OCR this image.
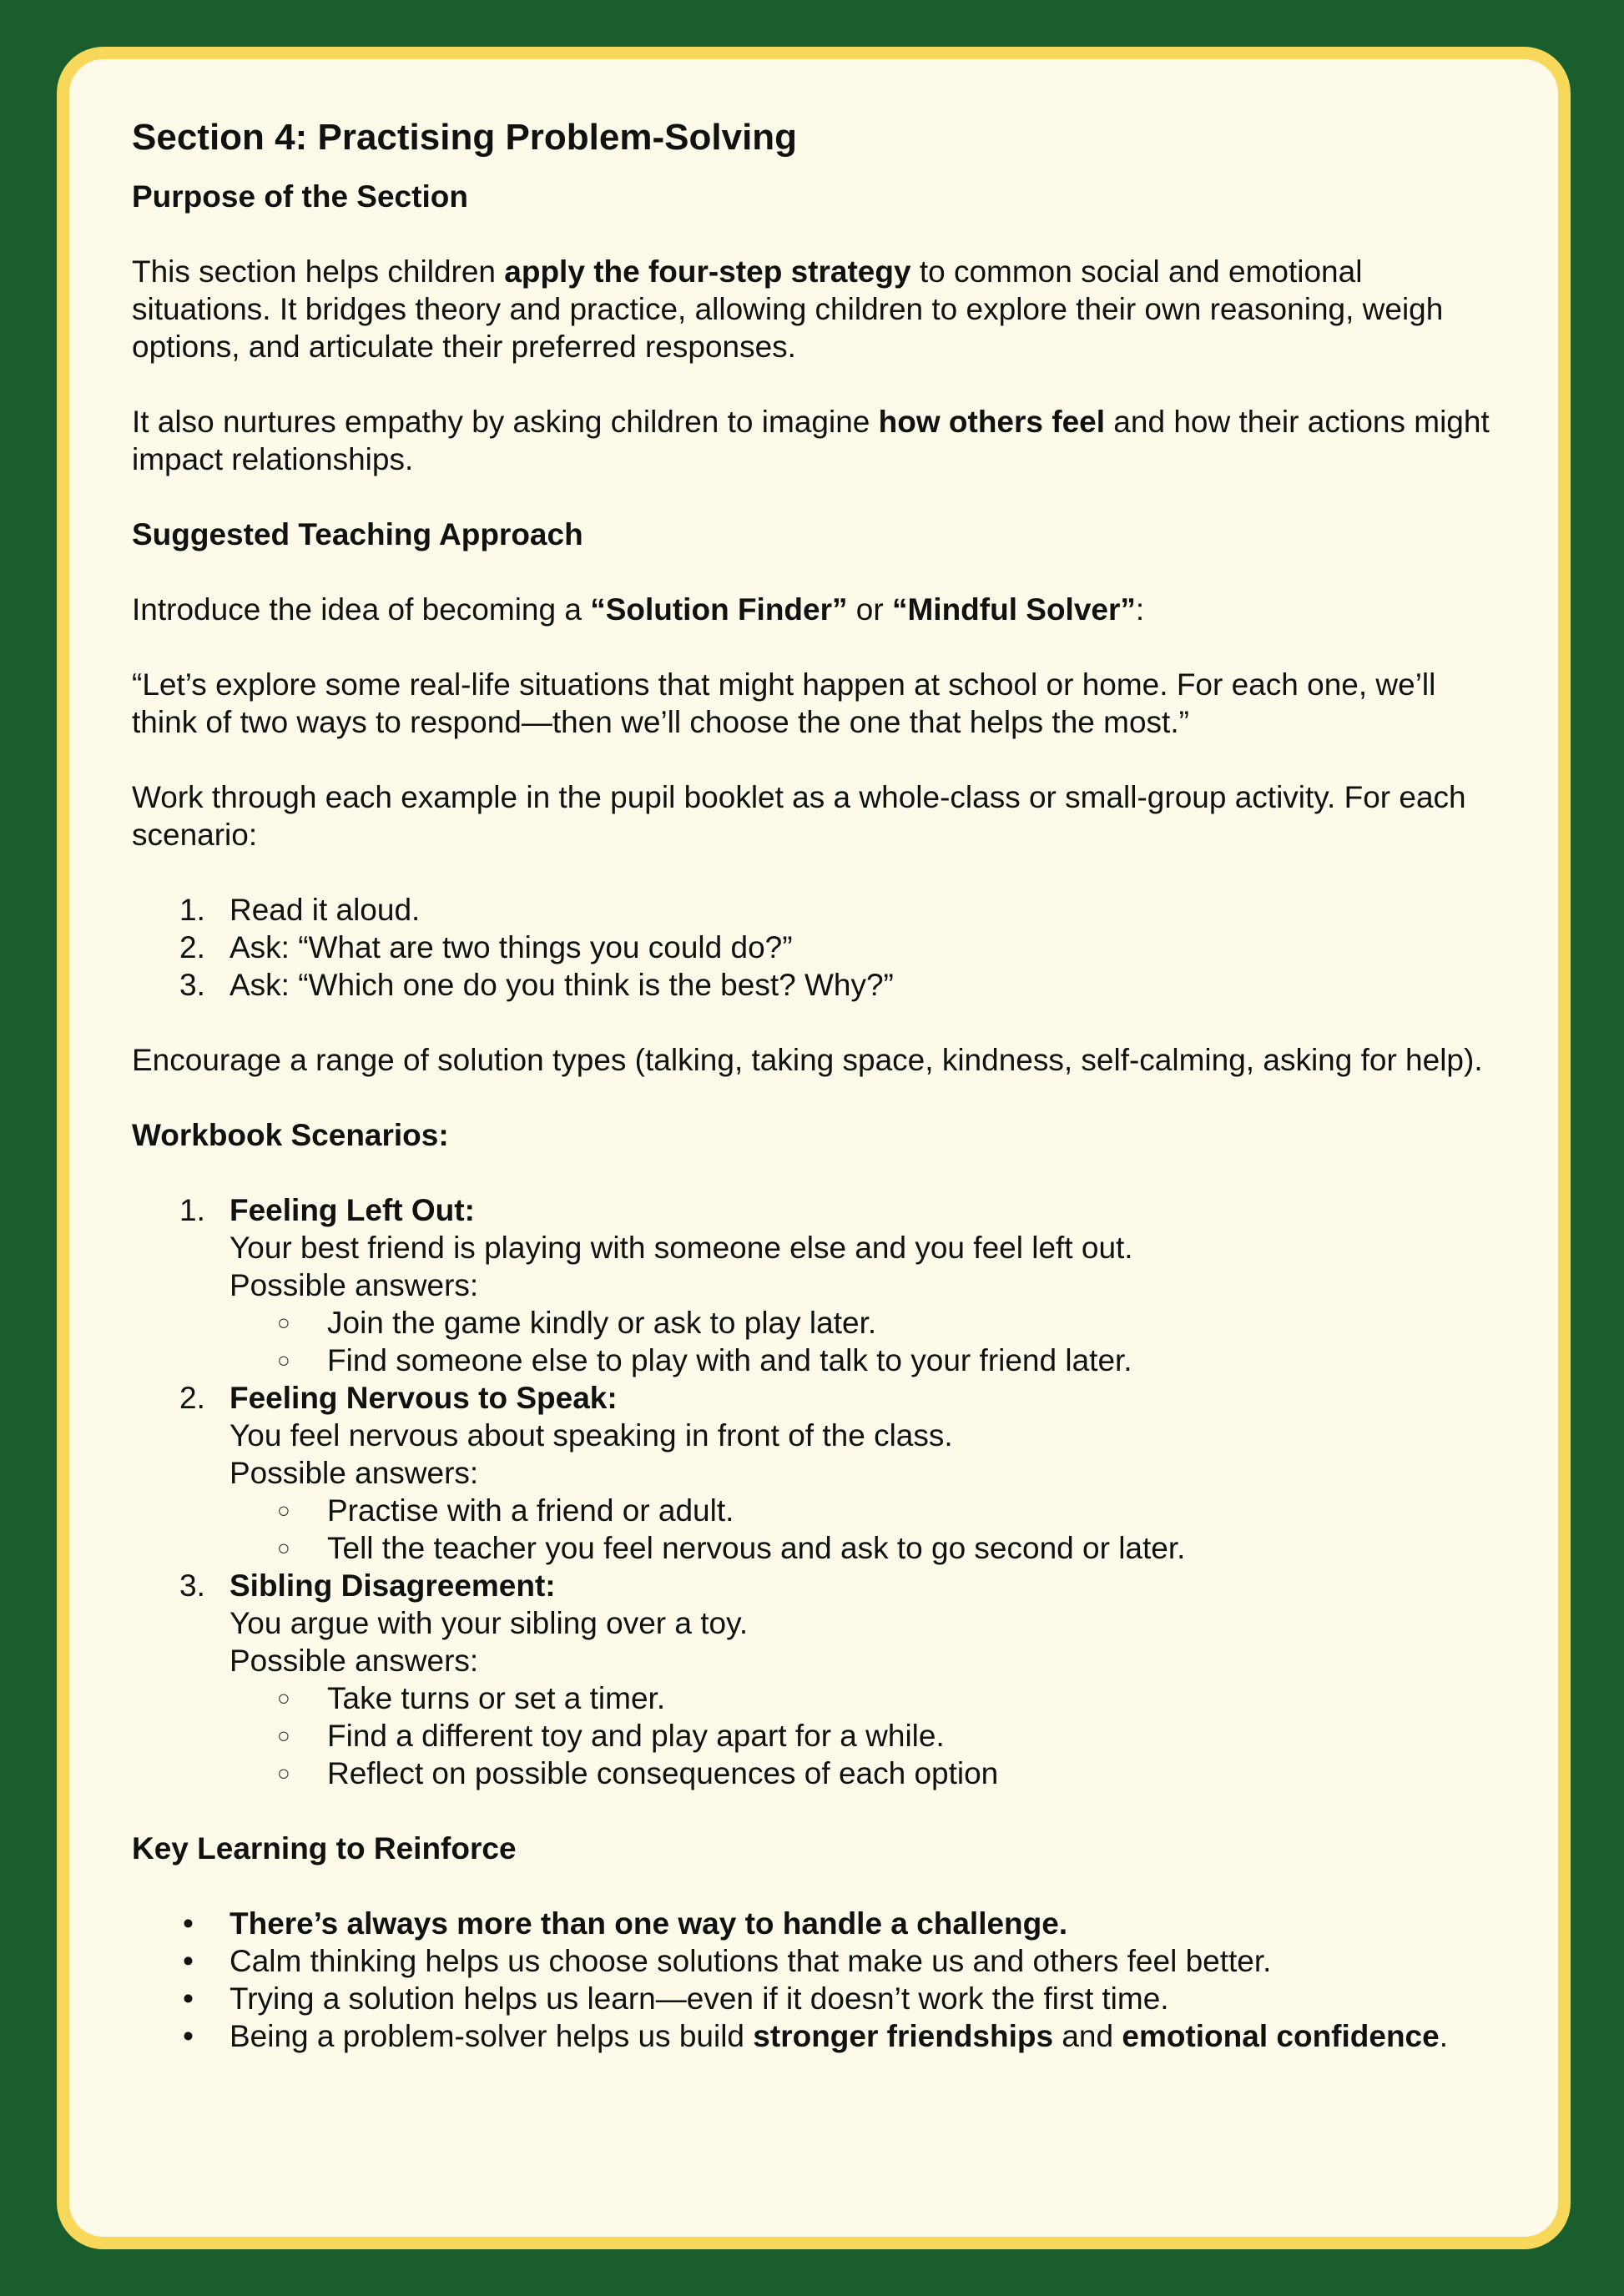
Section 4: Practising Problem-Solving
Purpose of the Section

This section helps children apply the four-step strategy to common social and emotional situations. It bridges theory and practice, allowing children to explore their own reasoning, weigh options, and articulate their preferred responses.

It also nurtures empathy by asking children to imagine how others feel and how their actions might impact relationships.

Suggested Teaching Approach

Introduce the idea of becoming a “Solution Finder” or “Mindful Solver”:

“Let’s explore some real-life situations that might happen at school or home. For each one, we’ll think of two ways to respond—then we’ll choose the one that helps the most.”

Work through each example in the pupil booklet as a whole-class or small-group activity. For each scenario:

1. Read it aloud.
2. Ask: “What are two things you could do?”
3. Ask: “Which one do you think is the best? Why?”

Encourage a range of solution types (talking, taking space, kindness, self-calming, asking for help).

Workbook Scenarios:
1. Feeling Left Out:
Your best friend is playing with someone else and you feel left out.
Possible answers:
○ Join the game kindly or ask to play later.
○ Find someone else to play with and talk to your friend later.
2. Feeling Nervous to Speak:
You feel nervous about speaking in front of the class.
Possible answers:
○ Practise with a friend or adult.
○ Tell the teacher you feel nervous and ask to go second or later.
3. Sibling Disagreement:
You argue with your sibling over a toy.
Possible answers:
○ Take turns or set a timer.
○ Find a different toy and play apart for a while.
○ Reflect on possible consequences of each option
Key Learning to Reinforce
• There’s always more than one way to handle a challenge.
• Calm thinking helps us choose solutions that make us and others feel better.
• Trying a solution helps us learn—even if it doesn’t work the first time.
• Being a problem-solver helps us build stronger friendships and emotional confidence.
